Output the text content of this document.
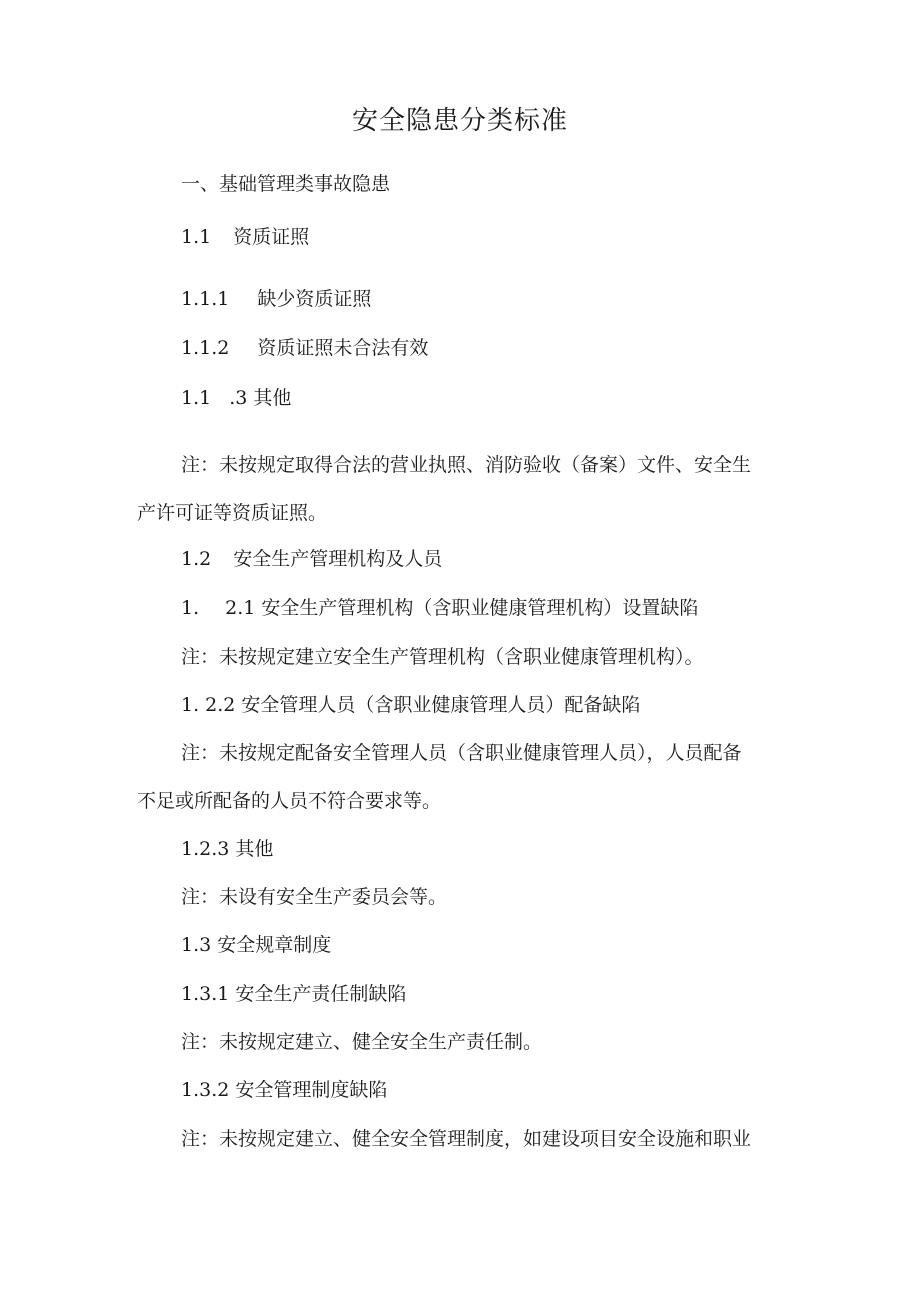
安全隐患分类标准
一、基础管理类事故隐患
1.1 资质证照
1.1.1 缺少资质证照
1.1.2 资质证照未合法有效
1.1 .3 其他
注：未按规定取得合法的营业执照、消防验收（备案）文件、安全生
产许可证等资质证照。
1.2 安全生产管理机构及人员
1. 2.1 安全生产管理机构（含职业健康管理机构）设置缺陷
注：未按规定建立安全生产管理机构（含职业健康管理机构）。
1. 2.2 安全管理人员（含职业健康管理人员）配备缺陷
注：未按规定配备安全管理人员（含职业健康管理人员），人员配备
不足或所配备的人员不符合要求等。
1.2.3 其他
注：未设有安全生产委员会等。
1.3 安全规章制度
1.3.1 安全生产责任制缺陷
注：未按规定建立、健全安全生产责任制。
1.3.2 安全管理制度缺陷
注：未按规定建立、健全安全管理制度，如建设项目安全设施和职业
